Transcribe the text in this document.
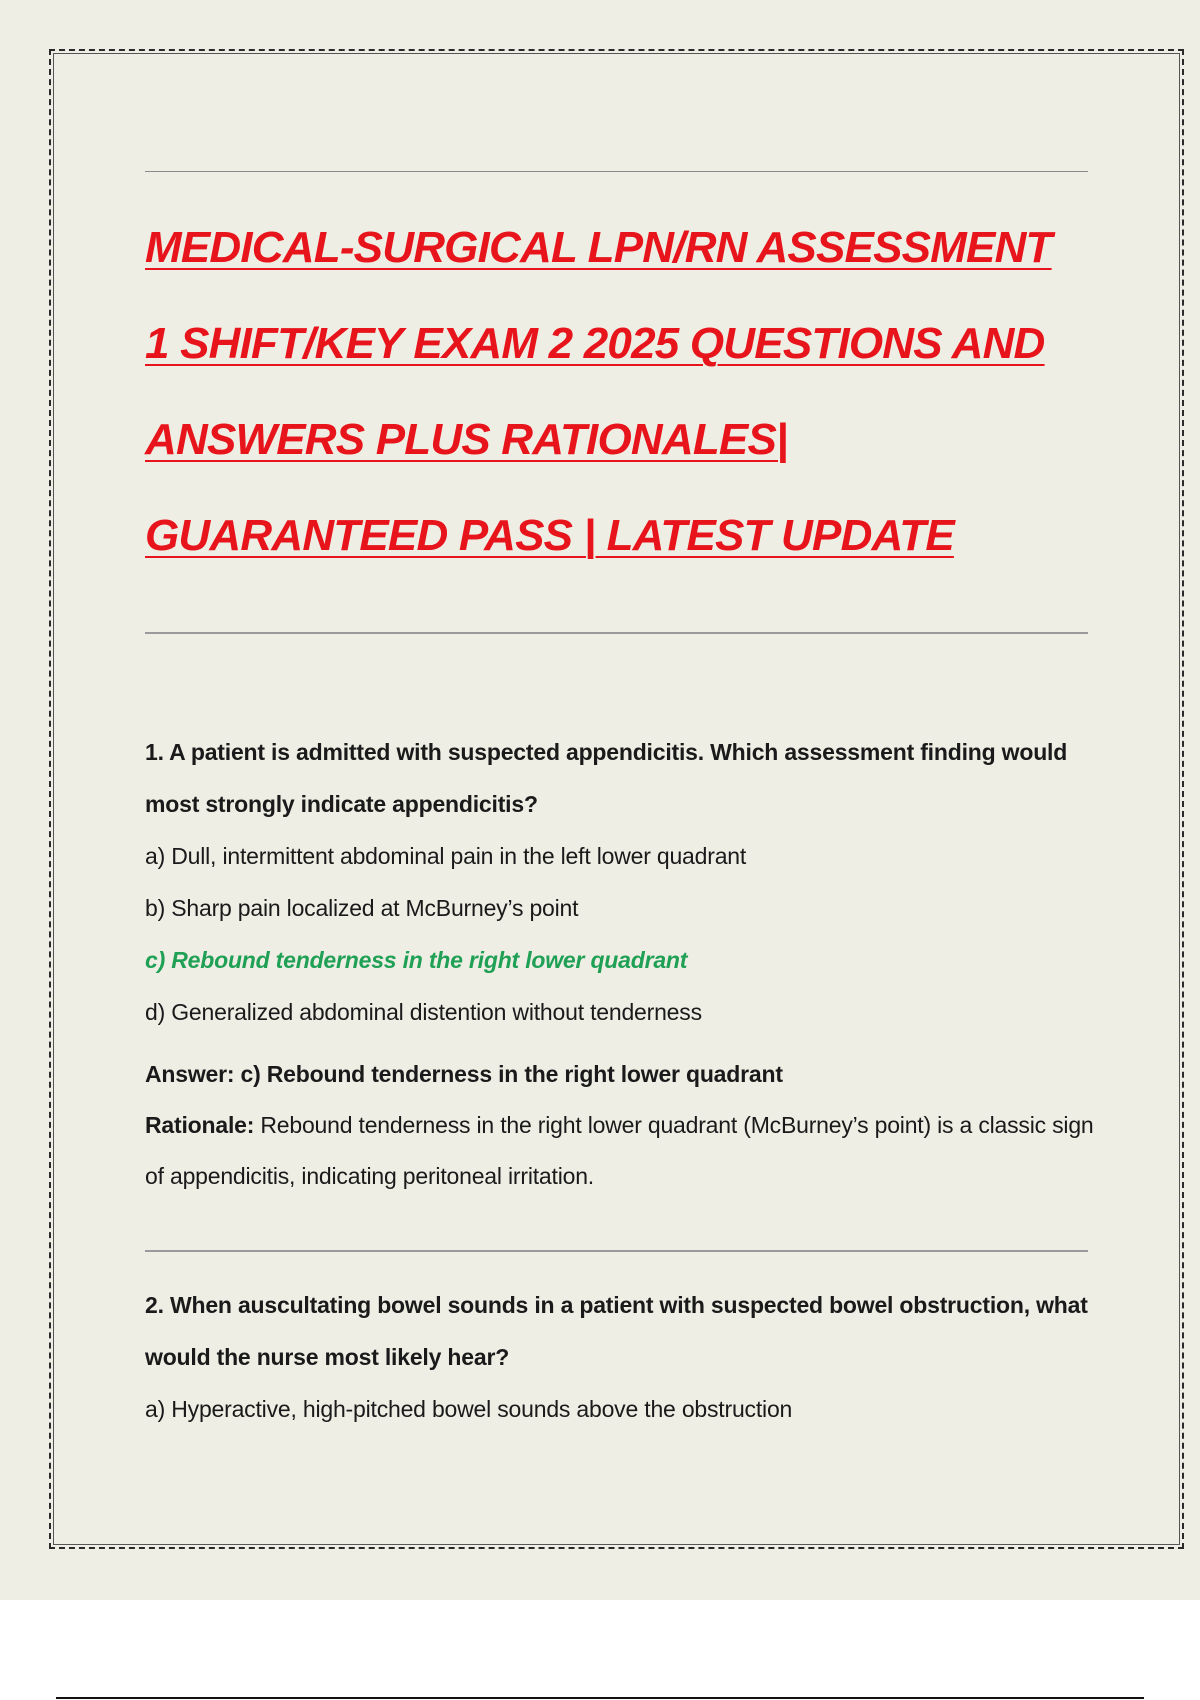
MEDICAL-SURGICAL LPN/RN ASSESSMENT
1 SHIFT/KEY EXAM 2 2025 QUESTIONS AND
ANSWERS PLUS RATIONALES|
GUARANTEED PASS | LATEST UPDATE
1. A patient is admitted with suspected appendicitis. Which assessment finding would most strongly indicate appendicitis?
a) Dull, intermittent abdominal pain in the left lower quadrant
b) Sharp pain localized at McBurney’s point
c) Rebound tenderness in the right lower quadrant
d) Generalized abdominal distention without tenderness
Answer: c) Rebound tenderness in the right lower quadrant
Rationale: Rebound tenderness in the right lower quadrant (McBurney’s point) is a classic sign of appendicitis, indicating peritoneal irritation.
2. When auscultating bowel sounds in a patient with suspected bowel obstruction, what would the nurse most likely hear?
a) Hyperactive, high-pitched bowel sounds above the obstruction
